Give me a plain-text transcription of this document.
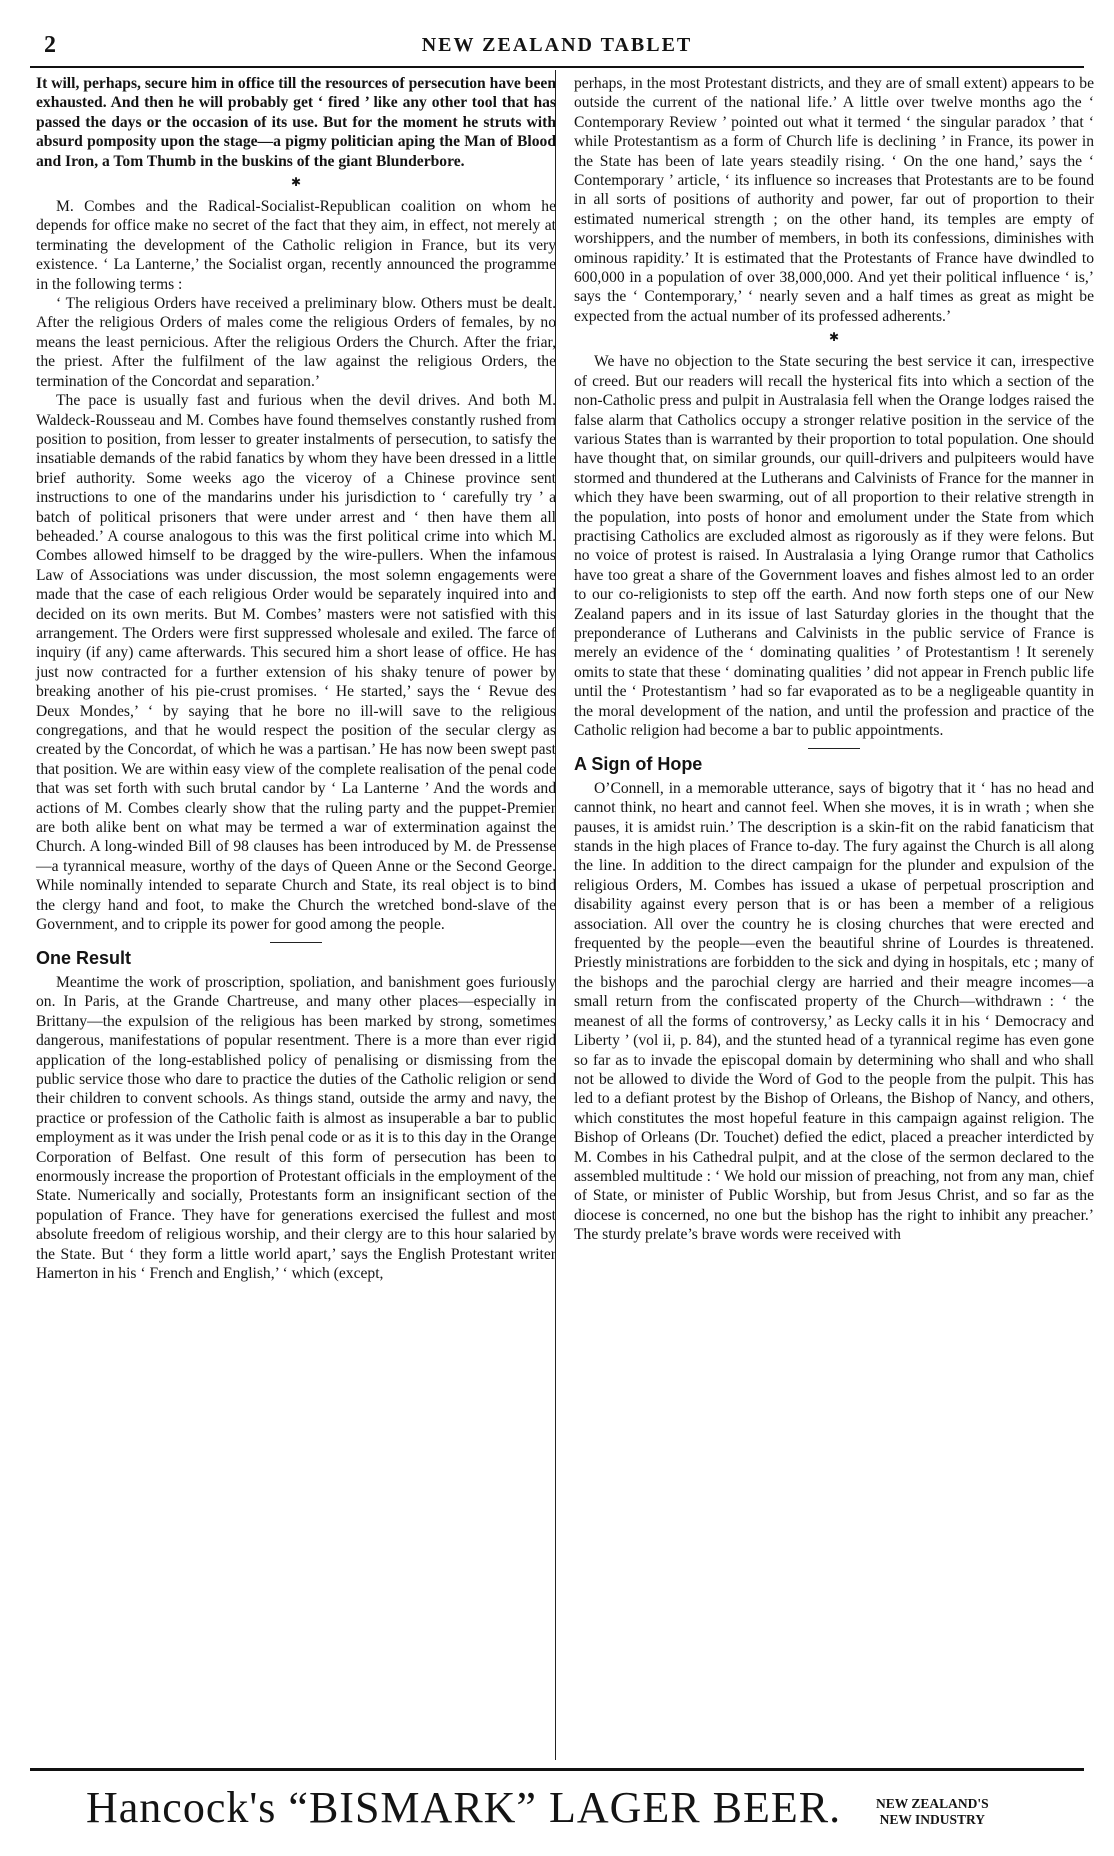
2	NEW ZEALAND TABLET

It will, perhaps, secure him in office till the resources of persecution have been exhausted. And then he will probably get ‘ fired ’ like any other tool that has passed the days or the occasion of its use. But for the moment he struts with absurd pomposity upon the stage—a pigmy politician aping the Man of Blood and Iron, a Tom Thumb in the buskins of the giant Blunderbore.

✱

M. Combes and the Radical-Socialist-Republican coalition on whom he depends for office make no secret of the fact that they aim, in effect, not merely at terminating the development of the Catholic religion in France, but its very existence. ‘ La Lanterne,’ the Socialist organ, recently announced the programme in the following terms :

‘ The religious Orders have received a preliminary blow. Others must be dealt. After the religious Orders of males come the religious Orders of females, by no means the least pernicious. After the religious Orders the Church. After the friar, the priest. After the fulfilment of the law against the religious Orders, the termination of the Concordat and separation.’

The pace is usually fast and furious when the devil drives. And both M. Waldeck-Rousseau and M. Combes have found themselves constantly rushed from position to position, from lesser to greater instalments of persecution, to satisfy the insatiable demands of the rabid fanatics by whom they have been dressed in a little brief authority. Some weeks ago the viceroy of a Chinese province sent instructions to one of the mandarins under his jurisdiction to ‘ carefully try ’ a batch of political prisoners that were under arrest and ‘ then have them all beheaded.’ A course analogous to this was the first political crime into which M. Combes allowed himself to be dragged by the wire-pullers. When the infamous Law of Associations was under discussion, the most solemn engagements were made that the case of each religious Order would be separately inquired into and decided on its own merits. But M. Combes’ masters were not satisfied with this arrangement. The Orders were first suppressed wholesale and exiled. The farce of inquiry (if any) came afterwards. This secured him a short lease of office. He has just now contracted for a further extension of his shaky tenure of power by breaking another of his pie-crust promises. ‘ He started,’ says the ‘ Revue des Deux Mondes,’ ‘ by saying that he bore no ill-will save to the religious congregations, and that he would respect the position of the secular clergy as created by the Concordat, of which he was a partisan.’ He has now been swept past that position. We are within easy view of the complete realisation of the penal code that was set forth with such brutal candor by ‘ La Lanterne ’ And the words and actions of M. Combes clearly show that the ruling party and the puppet-Premier are both alike bent on what may be termed a war of extermination against the Church. A long-winded Bill of 98 clauses has been introduced by M. de Pressense—a tyrannical measure, worthy of the days of Queen Anne or the Second George. While nominally intended to separate Church and State, its real object is to bind the clergy hand and foot, to make the Church the wretched bond-slave of the Government, and to cripple its power for good among the people.

One Result

Meantime the work of proscription, spoliation, and banishment goes furiously on. In Paris, at the Grande Chartreuse, and many other places—especially in Brittany—the expulsion of the religious has been marked by strong, sometimes dangerous, manifestations of popular resentment. There is a more than ever rigid application of the long-established policy of penalising or dismissing from the public service those who dare to practice the duties of the Catholic religion or send their children to convent schools. As things stand, outside the army and navy, the practice or profession of the Catholic faith is almost as insuperable a bar to public employment as it was under the Irish penal code or as it is to this day in the Orange Corporation of Belfast. One result of this form of persecution has been to enormously increase the proportion of Protestant officials in the employment of the State. Numerically and socially, Protestants form an insignificant section of the population of France. They have for generations exercised the fullest and most absolute freedom of religious worship, and their clergy are to this hour salaried by the State. But ‘ they form a little world apart,’ says the English Protestant writer Hamerton in his ‘ French and English,’ ‘ which (except,

perhaps, in the most Protestant districts, and they are of small extent) appears to be outside the current of the national life.’ A little over twelve months ago the ‘ Contemporary Review ’ pointed out what it termed ‘ the singular paradox ’ that ‘ while Protestantism as a form of Church life is declining ’ in France, its power in the State has been of late years steadily rising. ‘ On the one hand,’ says the ‘ Contemporary ’ article, ‘ its influence so increases that Protestants are to be found in all sorts of positions of authority and power, far out of proportion to their estimated numerical strength ; on the other hand, its temples are empty of worshippers, and the number of members, in both its confessions, diminishes with ominous rapidity.’ It is estimated that the Protestants of France have dwindled to 600,000 in a population of over 38,000,000. And yet their political influence ‘ is,’ says the ‘ Contemporary,’ ‘ nearly seven and a half times as great as might be expected from the actual number of its professed adherents.’

✱

We have no objection to the State securing the best service it can, irrespective of creed. But our readers will recall the hysterical fits into which a section of the non-Catholic press and pulpit in Australasia fell when the Orange lodges raised the false alarm that Catholics occupy a stronger relative position in the service of the various States than is warranted by their proportion to total population. One should have thought that, on similar grounds, our quill-drivers and pulpiteers would have stormed and thundered at the Lutherans and Calvinists of France for the manner in which they have been swarming, out of all proportion to their relative strength in the population, into posts of honor and emolument under the State from which practising Catholics are excluded almost as rigorously as if they were felons. But no voice of protest is raised. In Australasia a lying Orange rumor that Catholics have too great a share of the Government loaves and fishes almost led to an order to our co-religionists to step off the earth. And now forth steps one of our New Zealand papers and in its issue of last Saturday glories in the thought that the preponderance of Lutherans and Calvinists in the public service of France is merely an evidence of the ‘ dominating qualities ’ of Protestantism ! It serenely omits to state that these ‘ dominating qualities ’ did not appear in French public life until the ‘ Protestantism ’ had so far evaporated as to be a negligeable quantity in the moral development of the nation, and until the profession and practice of the Catholic religion had become a bar to public appointments.

A Sign of Hope

O’Connell, in a memorable utterance, says of bigotry that it ‘ has no head and cannot think, no heart and cannot feel. When she moves, it is in wrath ; when she pauses, it is amidst ruin.’ The description is a skin-fit on the rabid fanaticism that stands in the high places of France to-day. The fury against the Church is all along the line. In addition to the direct campaign for the plunder and expulsion of the religious Orders, M. Combes has issued a ukase of perpetual proscription and disability against every person that is or has been a member of a religious association. All over the country he is closing churches that were erected and frequented by the people—even the beautiful shrine of Lourdes is threatened. Priestly ministrations are forbidden to the sick and dying in hospitals, etc ; many of the bishops and the parochial clergy are harried and their meagre incomes—a small return from the confiscated property of the Church—withdrawn : ‘ the meanest of all the forms of controversy,’ as Lecky calls it in his ‘ Democracy and Liberty ’ (vol ii, p. 84), and the stunted head of a tyrannical regime has even gone so far as to invade the episcopal domain by determining who shall and who shall not be allowed to divide the Word of God to the people from the pulpit. This has led to a defiant protest by the Bishop of Orleans, the Bishop of Nancy, and others, which constitutes the most hopeful feature in this campaign against religion. The Bishop of Orleans (Dr. Touchet) defied the edict, placed a preacher interdicted by M. Combes in his Cathedral pulpit, and at the close of the sermon declared to the assembled multitude : ‘ We hold our mission of preaching, not from any man, chief of State, or minister of Public Worship, but from Jesus Christ, and so far as the diocese is concerned, no one but the bishop has the right to inhibit any preacher.’ The sturdy prelate’s brave words were received with

Hancock's “BISMARK” LAGER BEER.	NEW ZEALAND'S
NEW INDUSTRY
